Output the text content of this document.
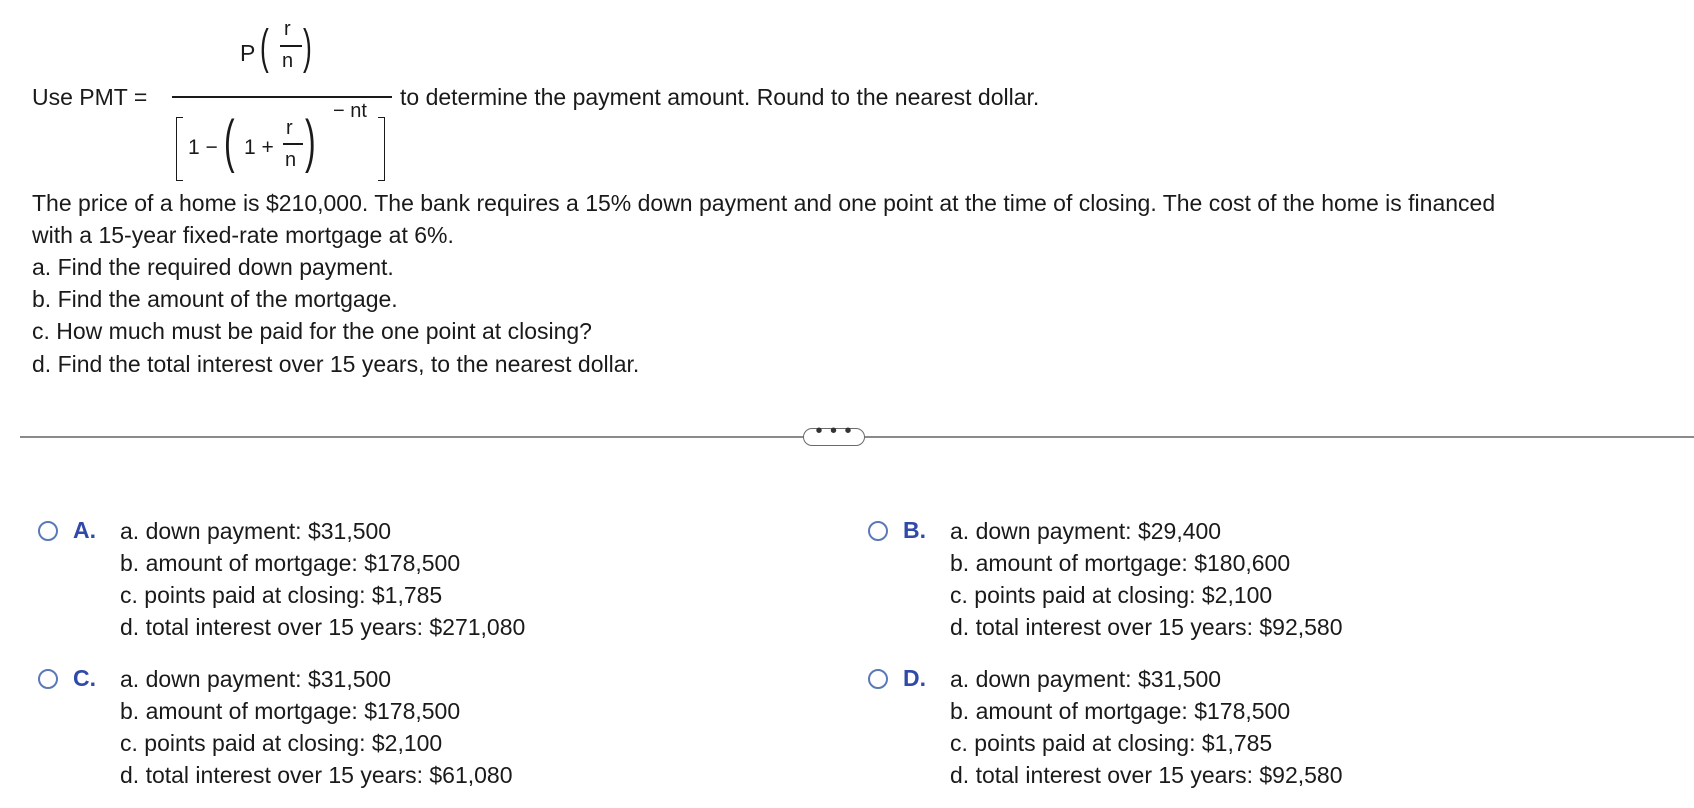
Use PMT =
P ( r
n )
1 − ( 1 +
r
n ) − nt
to determine the payment amount. Round to the nearest dollar.
The price of a home is $210,000. The bank requires a 15% down payment and one point at the time of closing. The cost of the home is financed
with a 15-year fixed-rate mortgage at 6%.
a. Find the required down payment.
b. Find the amount of the mortgage.
c. How much must be paid for the one point at closing?
d. Find the total interest over 15 years, to the nearest dollar.
• • •
A. a. down payment: $31,500
b. amount of mortgage: $178,500
c. points paid at closing: $1,785
d. total interest over 15 years: $271,080
B. a. down payment: $29,400
b. amount of mortgage: $180,600
c. points paid at closing: $2,100
d. total interest over 15 years: $92,580
C. a. down payment: $31,500
b. amount of mortgage: $178,500
c. points paid at closing: $2,100
d. total interest over 15 years: $61,080
D. a. down payment: $31,500
b. amount of mortgage: $178,500
c. points paid at closing: $1,785
d. total interest over 15 years: $92,580
